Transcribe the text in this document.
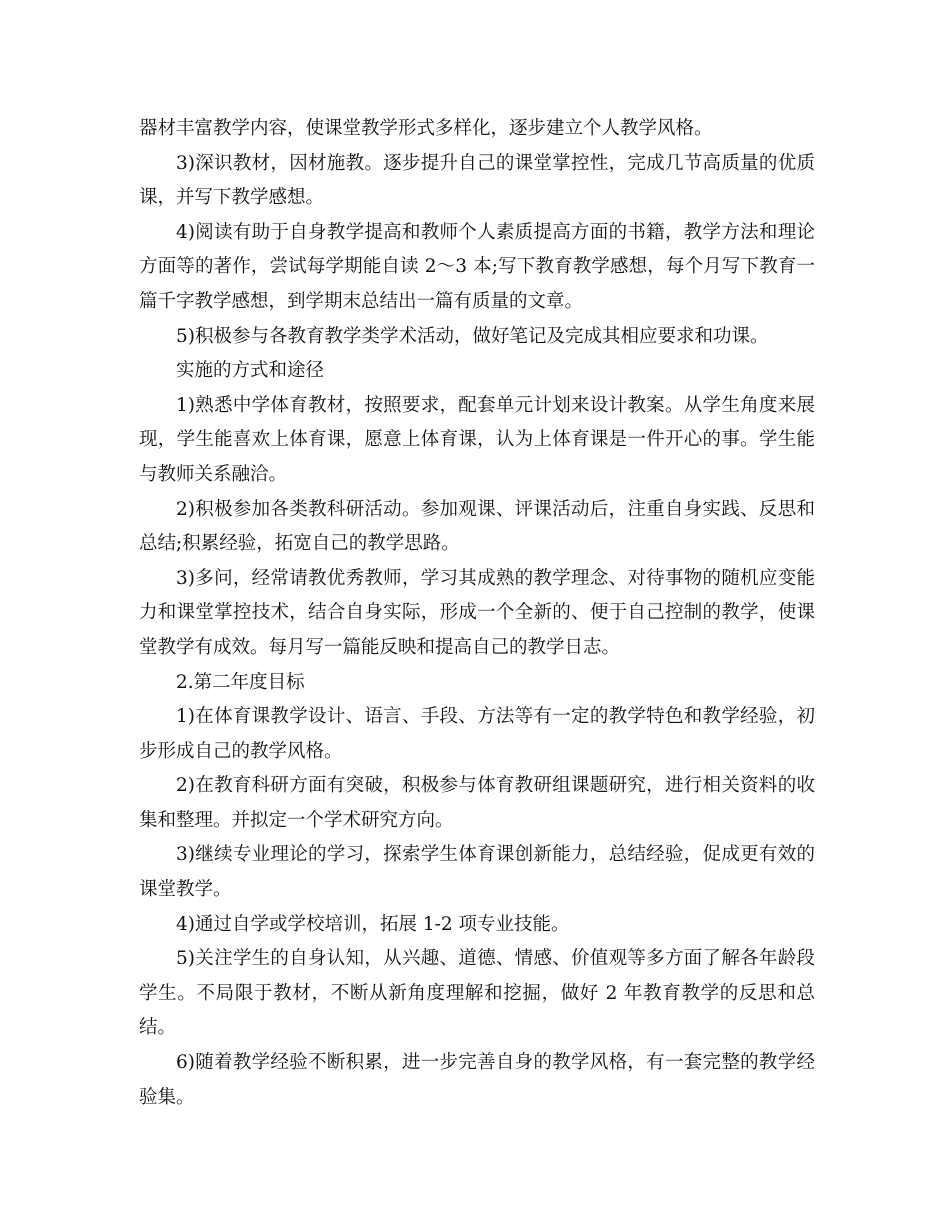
器材丰富教学内容，使课堂教学形式多样化，逐步建立个人教学风格。

3)深识教材，因材施教。逐步提升自己的课堂掌控性，完成几节高质量的优质课，并写下教学感想。

4)阅读有助于自身教学提高和教师个人素质提高方面的书籍，教学方法和理论方面等的著作，尝试每学期能自读 2～3 本;写下教育教学感想，每个月写下教育一篇千字教学感想，到学期末总结出一篇有质量的文章。

5)积极参与各教育教学类学术活动，做好笔记及完成其相应要求和功课。

实施的方式和途径

1)熟悉中学体育教材，按照要求，配套单元计划来设计教案。从学生角度来展现，学生能喜欢上体育课，愿意上体育课，认为上体育课是一件开心的事。学生能与教师关系融洽。

2)积极参加各类教科研活动。参加观课、评课活动后，注重自身实践、反思和总结;积累经验，拓宽自己的教学思路。

3)多问，经常请教优秀教师，学习其成熟的教学理念、对待事物的随机应变能力和课堂掌控技术，结合自身实际，形成一个全新的、便于自己控制的教学，使课堂教学有成效。每月写一篇能反映和提高自己的教学日志。

2.第二年度目标

1)在体育课教学设计、语言、手段、方法等有一定的教学特色和教学经验，初步形成自己的教学风格。

2)在教育科研方面有突破，积极参与体育教研组课题研究，进行相关资料的收集和整理。并拟定一个学术研究方向。

3)继续专业理论的学习，探索学生体育课创新能力，总结经验，促成更有效的课堂教学。

4)通过自学或学校培训，拓展 1-2 项专业技能。

5)关注学生的自身认知，从兴趣、道德、情感、价值观等多方面了解各年龄段学生。不局限于教材，不断从新角度理解和挖掘，做好 2 年教育教学的反思和总结。

6)随着教学经验不断积累，进一步完善自身的教学风格，有一套完整的教学经验集。
